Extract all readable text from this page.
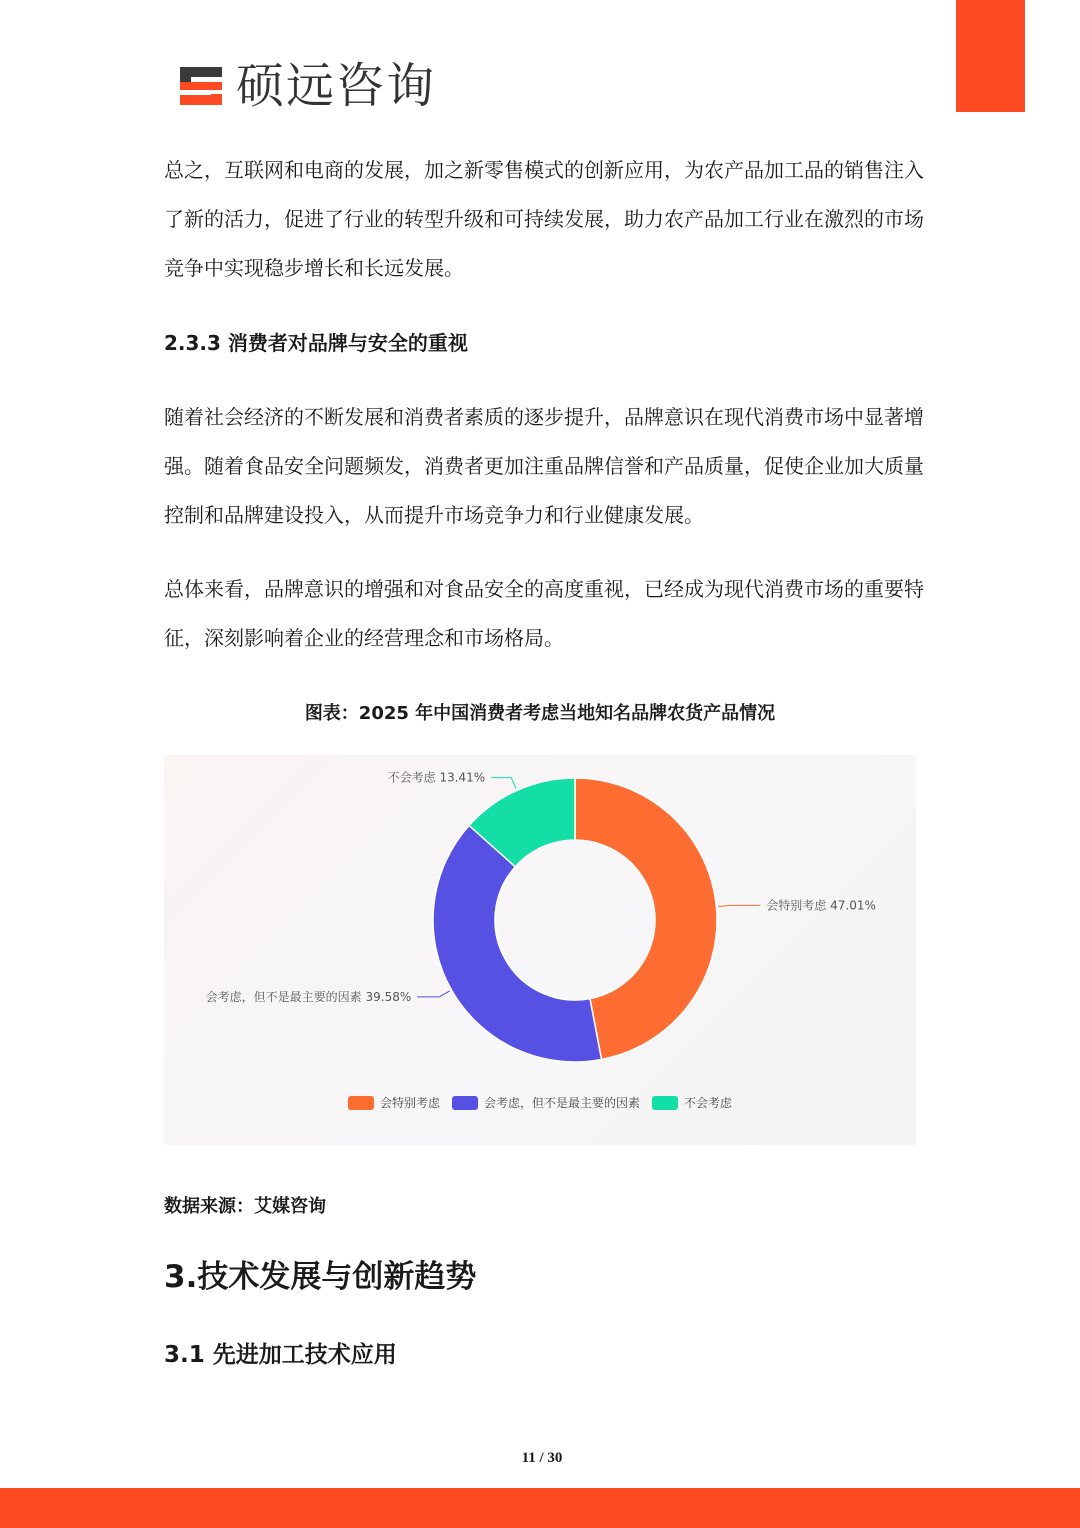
硕远咨询

总之，互联网和电商的发展，加之新零售模式的创新应用，为农产品加工品的销售注入了新的活力，促进了行业的转型升级和可持续发展，助力农产品加工行业在激烈的市场竞争中实现稳步增长和长远发展。

2.3.3 消费者对品牌与安全的重视

随着社会经济的不断发展和消费者素质的逐步提升，品牌意识在现代消费市场中显著增强。随着食品安全问题频发，消费者更加注重品牌信誉和产品质量，促使企业加大质量控制和品牌建设投入，从而提升市场竞争力和行业健康发展。

总体来看，品牌意识的增强和对食品安全的高度重视，已经成为现代消费市场的重要特征，深刻影响着企业的经营理念和市场格局。

图表：2025 年中国消费者考虑当地知名品牌农货产品情况

会特别考虑 47.01%
会考虑，但不是最主要的因素 39.58%
不会考虑 13.41%
会特别考虑	会考虑，但不是最主要的因素	不会考虑

数据来源：艾媒咨询

3.技术发展与创新趋势
3.1 先进加工技术应用
11 / 30
